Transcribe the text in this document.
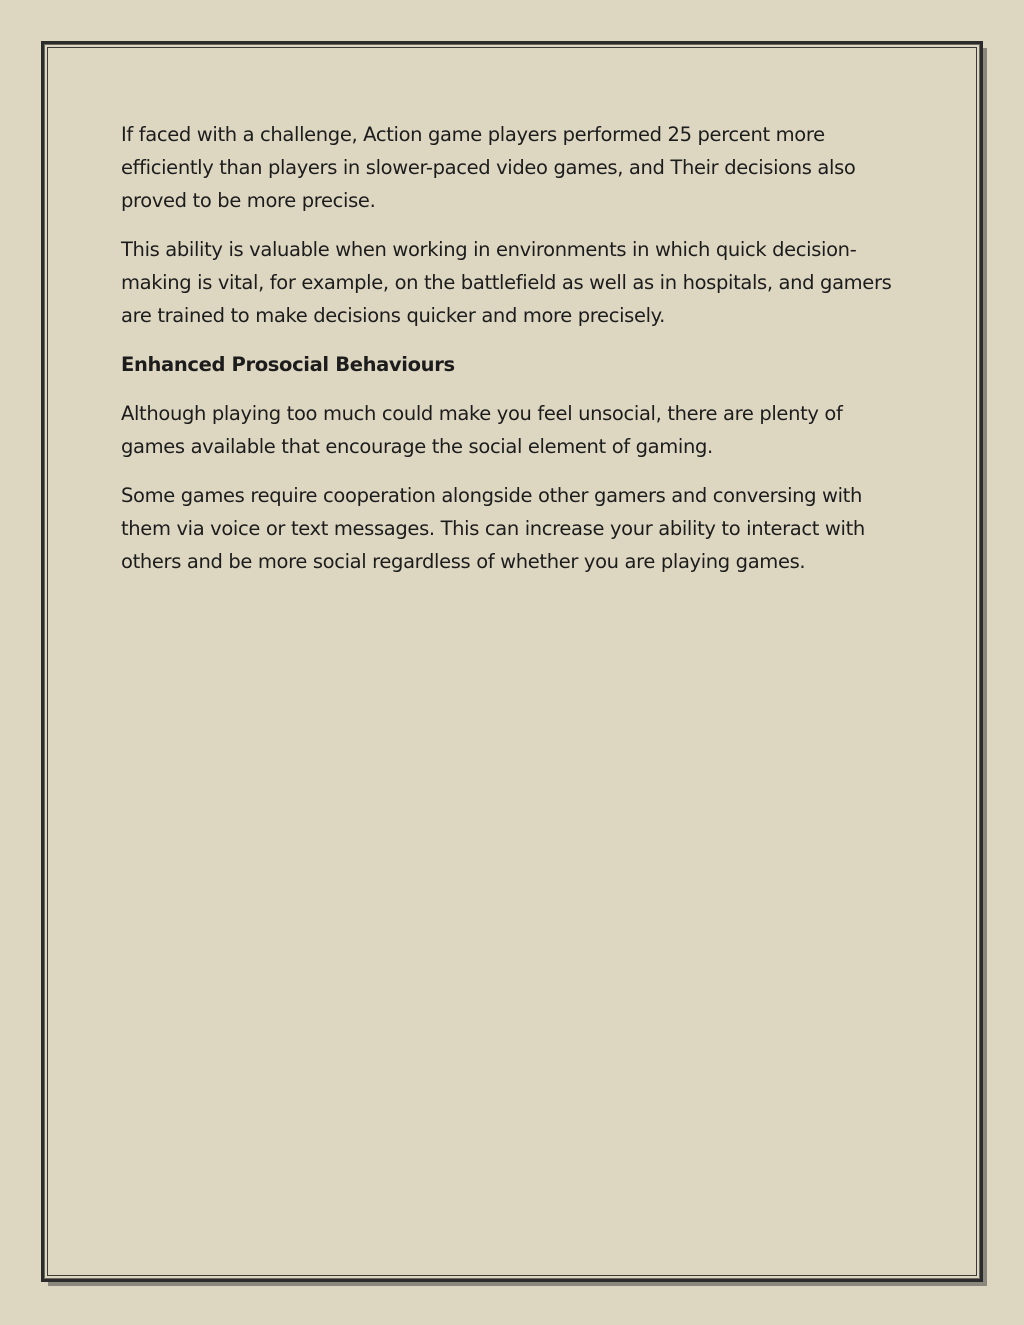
If faced with a challenge, Action game players performed 25 percent more efficiently than players in slower-paced video games, and Their decisions also proved to be more precise.

This ability is valuable when working in environments in which quick decision-making is vital, for example, on the battlefield as well as in hospitals, and gamers are trained to make decisions quicker and more precisely.

Enhanced Prosocial Behaviours

Although playing too much could make you feel unsocial, there are plenty of games available that encourage the social element of gaming.

Some games require cooperation alongside other gamers and conversing with them via voice or text messages. This can increase your ability to interact with others and be more social regardless of whether you are playing games.
